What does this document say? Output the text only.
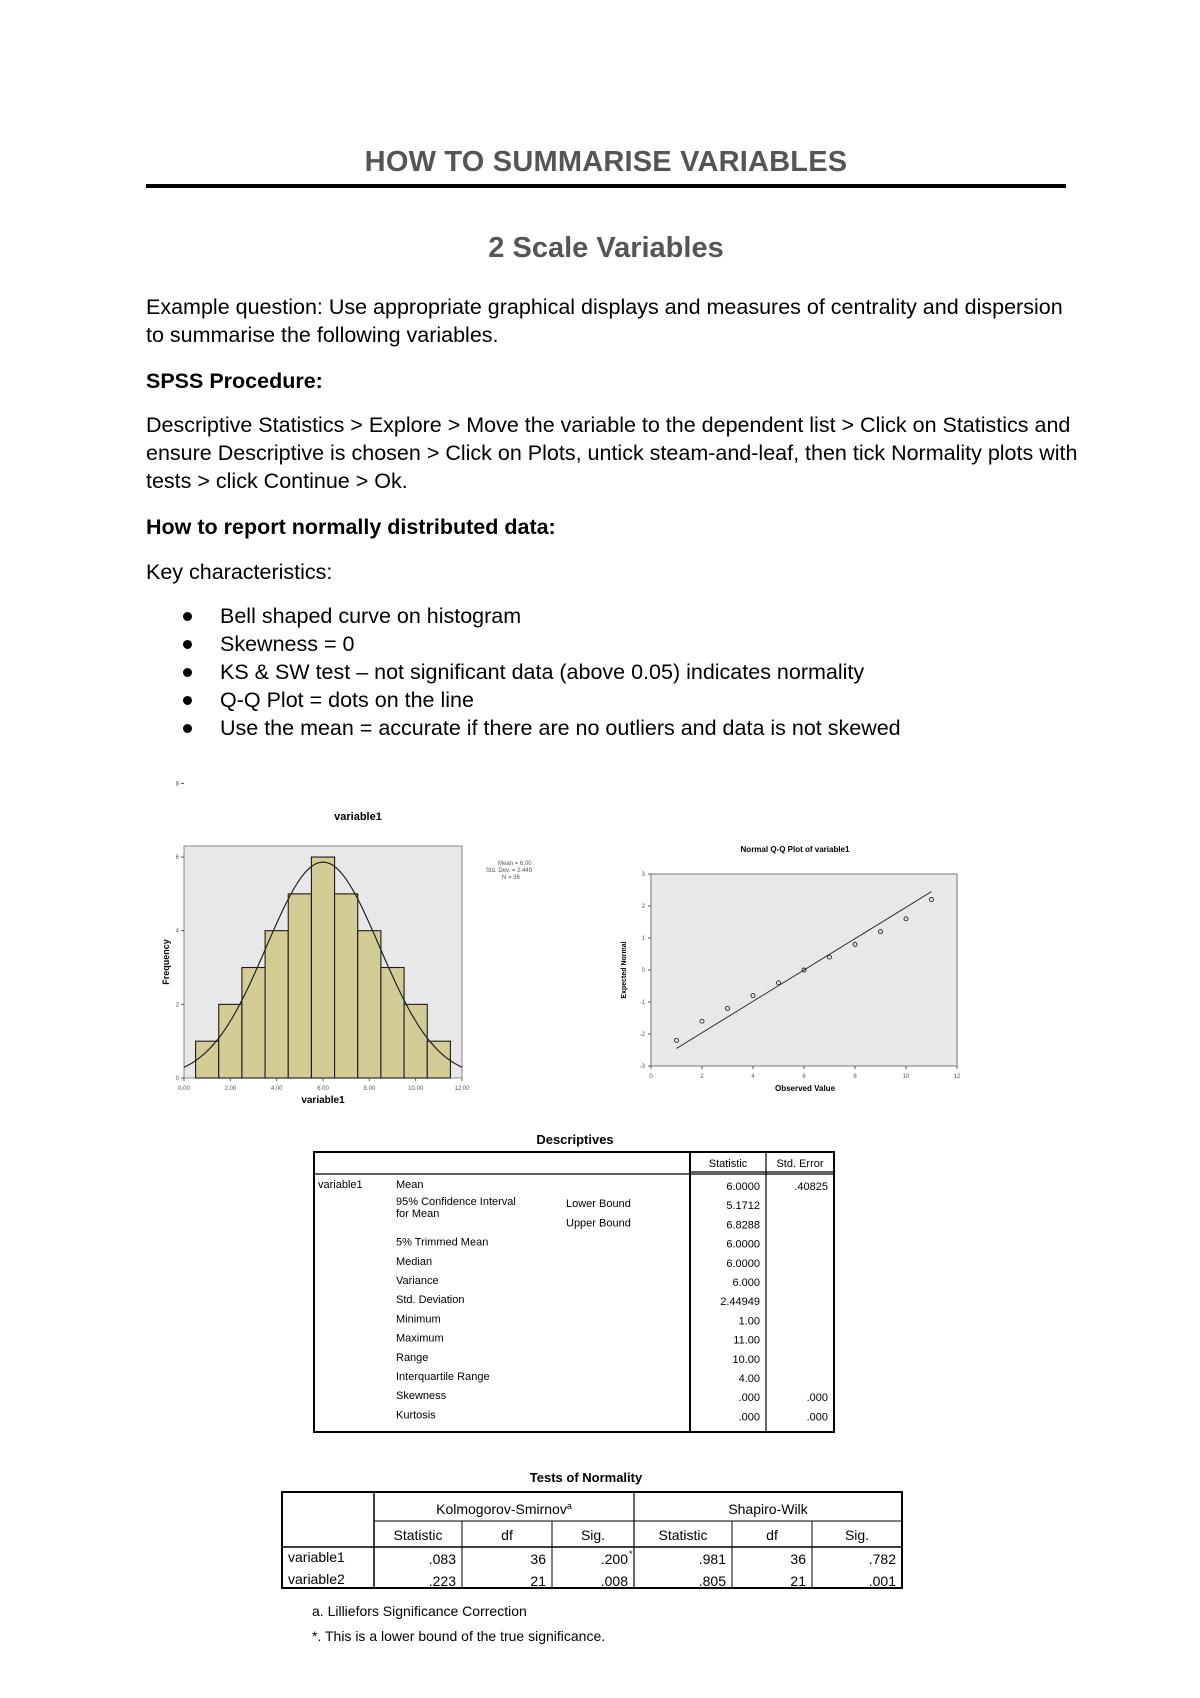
HOW TO SUMMARISE VARIABLES
2 Scale Variables
Example question: Use appropriate graphical displays and measures of centrality and dispersion to summarise the following variables.
SPSS Procedure:
Descriptive Statistics > Explore > Move the variable to the dependent list > Click on Statistics and ensure Descriptive is chosen > Click on Plots, untick steam-and-leaf, then tick Normality plots with tests > click Continue > Ok.
How to report normally distributed data:
Key characteristics:
Bell shaped curve on histogram
Skewness = 0
KS & SW test – not significant data (above 0.05) indicates normality
Q-Q Plot = dots on the line
Use the mean = accurate if there are no outliers and data is not skewed
variable1
0.00	2.00	4.00	6.00	8.00	10.00	12.00
0
2
4
6
8
variable1
Frequency
Mean = 6.00
Std. Dev. = 2.449
N = 36
Normal Q-Q Plot of variable1
0	2	4	6	8	10	12
3
2
1
0
-1
-2
-3
Observed Value
Expected Normal
Descriptives
Statistic	Std. Error
variable1	Mean	6.0000	.40825
95% Confidence Interval
for Mean
Lower Bound	5.1712
Upper Bound	6.8288
5% Trimmed Mean	6.0000
Median	6.0000
Variance	6.000
Std. Deviation	2.44949
Minimum	1.00
Maximum	11.00
Range	10.00
Interquartile Range	4.00
Skewness	.000	.000
Kurtosis	.000	.000
Tests of Normality
Kolmogorov-Smirnov$^a$	Shapiro-Wilk
Statistic	df	Sig.	Statistic	df	Sig.
variable1	.083	36	.200 *	.981	36	.782
variable2	.223	21	.008	.805	21	.001
a. Lilliefors Significance Correction
*. This is a lower bound of the true significance.
